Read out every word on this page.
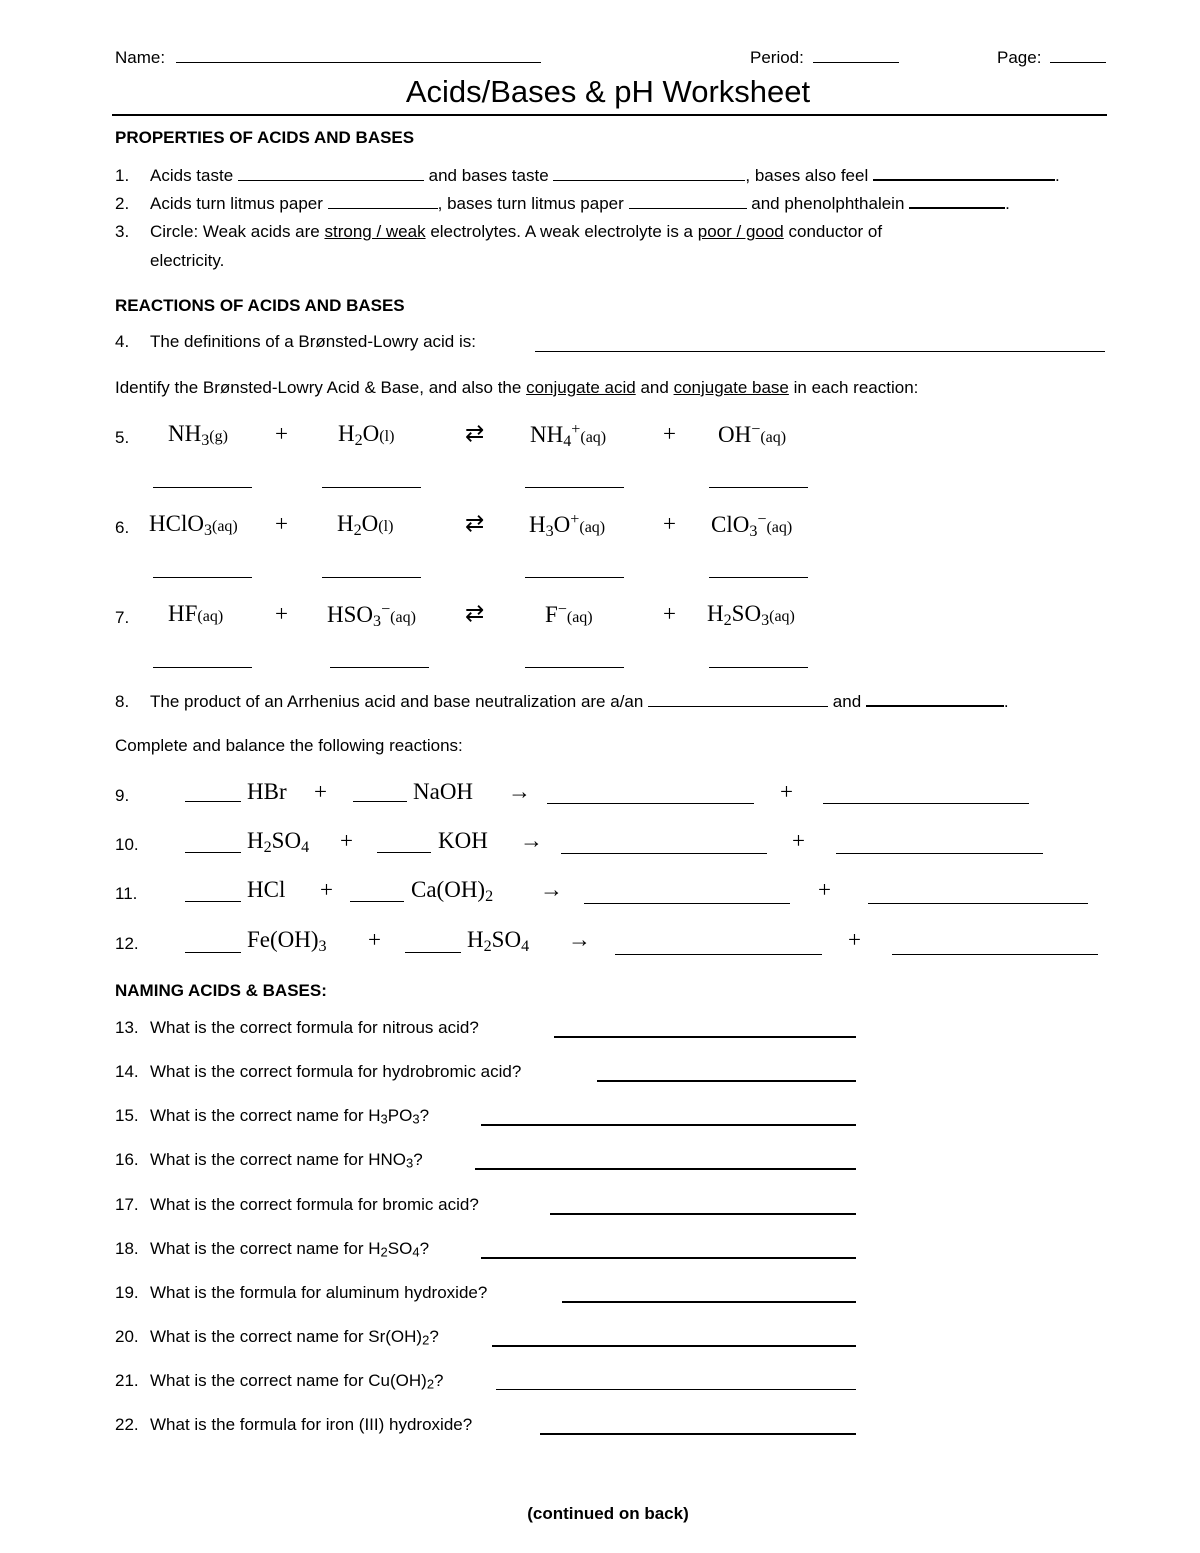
Name:	Period:	Page:
Acids/Bases & pH Worksheet
PROPERTIES OF ACIDS AND BASES
1. Acids taste	and bases taste	, bases also feel	.
2. Acids turn litmus paper	, bases turn litmus paper	and phenolphthalein	.
3. Circle: Weak acids are strong / weak electrolytes. A weak electrolyte is a poor / good conductor of
electricity.
REACTIONS OF ACIDS AND BASES
4. The definitions of a Brønsted-Lowry acid is:
Identify the Brønsted-Lowry Acid & Base, and also the conjugate acid and conjugate base in each reaction:
5. $NH_3(g) + H_2O(l)$	⇄ $NH_4^+(aq) + OH^-(aq)$
6. HClO$_3$(aq) + $H_2O(l)$	⇄ $H_3O^+(aq)$	+ ClO$_3$−(aq)
7. $HF(aq) + HSO_3^-(aq)$ ⇄	F−(aq)	+ $H_2SO_3(aq)$
8. The product of an Arrhenius acid and base neutralization are a/an	and	.
Complete and balance the following reactions:
9.	HBr +	NaOH →	+
10.	$H_2SO_4$ +	KOH →	+
11.	HCl +	$Ca(OH)_2$ →	+
12.	$Fe(OH)_3$ +	$H_2SO_4$ →	+
NAMING ACIDS & BASES:
13. What is the correct formula for nitrous acid?
14. What is the correct formula for hydrobromic acid?
15. What is the correct name for H3PO3?
16. What is the correct name for HNO3?
17. What is the correct formula for bromic acid?
18. What is the correct name for H2SO4?
19. What is the formula for aluminum hydroxide?
20. What is the correct name for Sr(OH)2?
21. What is the correct name for Cu(OH)2?
22. What is the formula for iron (III) hydroxide?
(continued on back)
